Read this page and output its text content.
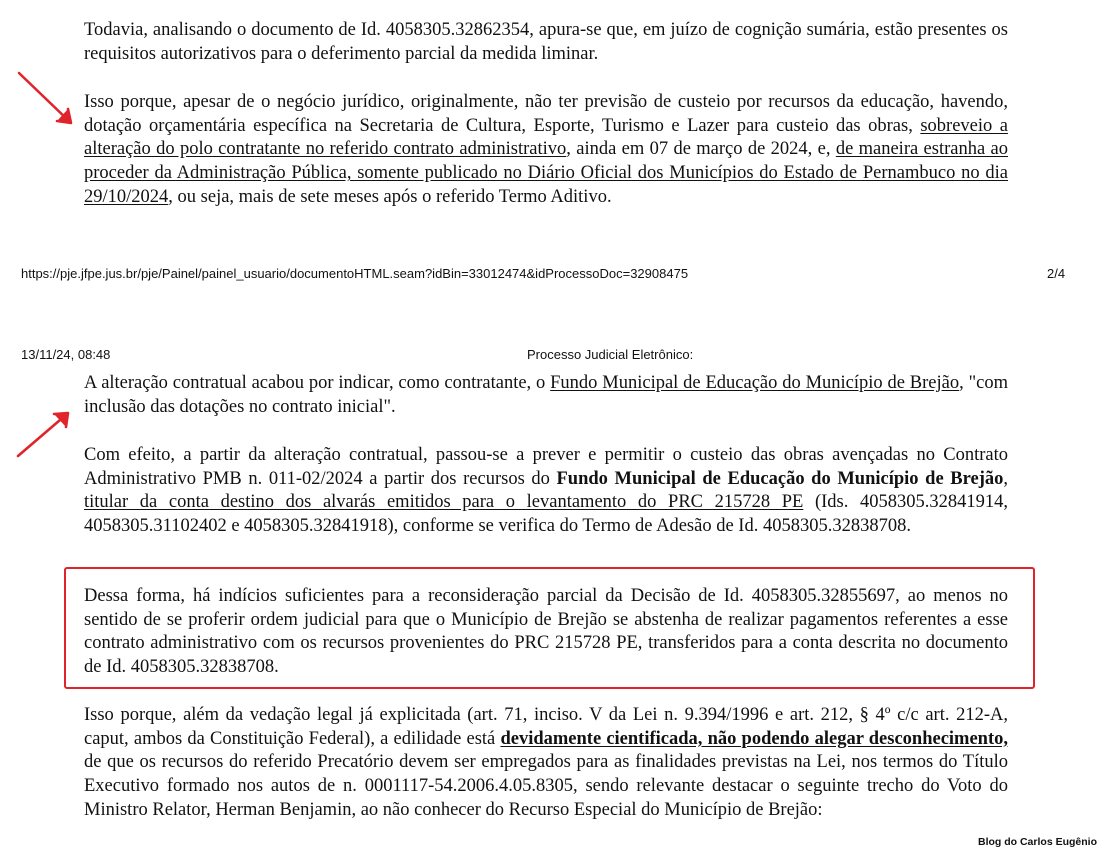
Todavia, analisando o documento de Id. 4058305.32862354, apura-se que, em juízo de cognição sumária, estão presentes os requisitos autorizativos para o deferimento parcial da medida liminar.

Isso porque, apesar de o negócio jurídico, originalmente, não ter previsão de custeio por recursos da educação, havendo, dotação orçamentária específica na Secretaria de Cultura, Esporte, Turismo e Lazer para custeio das obras, sobreveio a alteração do polo contratante no referido contrato administrativo, ainda em 07 de março de 2024, e, de maneira estranha ao proceder da Administração Pública, somente publicado no Diário Oficial dos Municípios do Estado de Pernambuco no dia 29/10/2024, ou seja, mais de sete meses após o referido Termo Aditivo.

https://pje.jfpe.jus.br/pje/Painel/painel_usuario/documentoHTML.seam?idBin=33012474&idProcessoDoc=32908475	2/4
13/11/24, 08:48	Processo Judicial Eletrônico:

A alteração contratual acabou por indicar, como contratante, o Fundo Municipal de Educação do Município de Brejão, "com inclusão das dotações no contrato inicial".

Com efeito, a partir da alteração contratual, passou-se a prever e permitir o custeio das obras avençadas no Contrato Administrativo PMB n. 011-02/2024 a partir dos recursos do Fundo Municipal de Educação do Município de Brejão, titular da conta destino dos alvarás emitidos para o levantamento do PRC 215728 PE (Ids. 4058305.32841914, 4058305.31102402 e 4058305.32841918), conforme se verifica do Termo de Adesão de Id. 4058305.32838708.

Dessa forma, há indícios suficientes para a reconsideração parcial da Decisão de Id. 4058305.32855697, ao menos no sentido de se proferir ordem judicial para que o Município de Brejão se abstenha de realizar pagamentos referentes a esse contrato administrativo com os recursos provenientes do PRC 215728 PE, transferidos para a conta descrita no documento de Id. 4058305.32838708.

Isso porque, além da vedação legal já explicitada (art. 71, inciso. V da Lei n. 9.394/1996 e art. 212, § 4º c/c art. 212-A, caput, ambos da Constituição Federal), a edilidade está devidamente cientificada, não podendo alegar desconhecimento, de que os recursos do referido Precatório devem ser empregados para as finalidades previstas na Lei, nos termos do Título Executivo formado nos autos de n. 0001117-54.2006.4.05.8305, sendo relevante destacar o seguinte trecho do Voto do Ministro Relator, Herman Benjamin, ao não conhecer do Recurso Especial do Município de Brejão:

Blog do Carlos Eugênio
